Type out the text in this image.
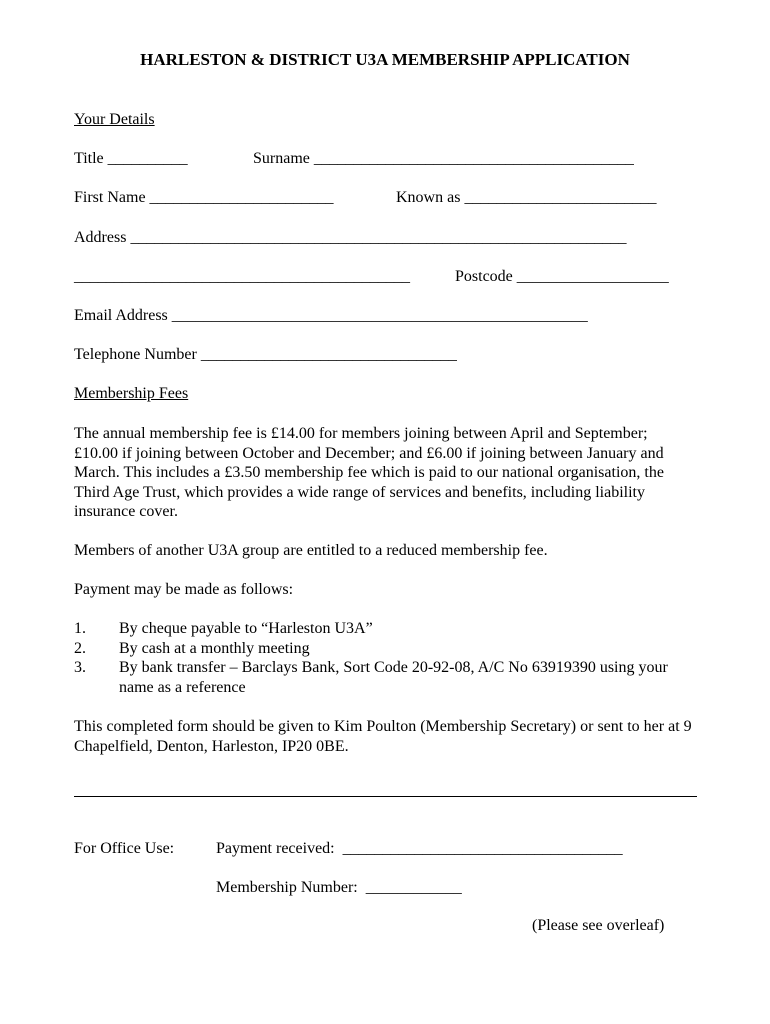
HARLESTON & DISTRICT U3A MEMBERSHIP APPLICATION
Your Details
Title __________	Surname ________________________________________
First Name _______________________	Known as ________________________
Address ______________________________________________________________
__________________________________________	Postcode ___________________
Email Address ____________________________________________________
Telephone Number ________________________________
Membership Fees
The annual membership fee is £14.00 for members joining between April and September; £10.00 if joining between October and December; and £6.00 if joining between January and March. This includes a £3.50 membership fee which is paid to our national organisation, the Third Age Trust, which provides a wide range of services and benefits, including liability insurance cover.
Members of another U3A group are entitled to a reduced membership fee.
Payment may be made as follows:
1. By cheque payable to “Harleston U3A”
2. By cash at a monthly meeting
3. By bank transfer – Barclays Bank, Sort Code 20-92-08, A/C No 63919390 using your name as a reference
This completed form should be given to Kim Poulton (Membership Secretary) or sent to her at 9 Chapelfield, Denton, Harleston, IP20 0BE.
For Office Use:	Payment received:  ___________________________________
Membership Number:  ____________
(Please see overleaf)
